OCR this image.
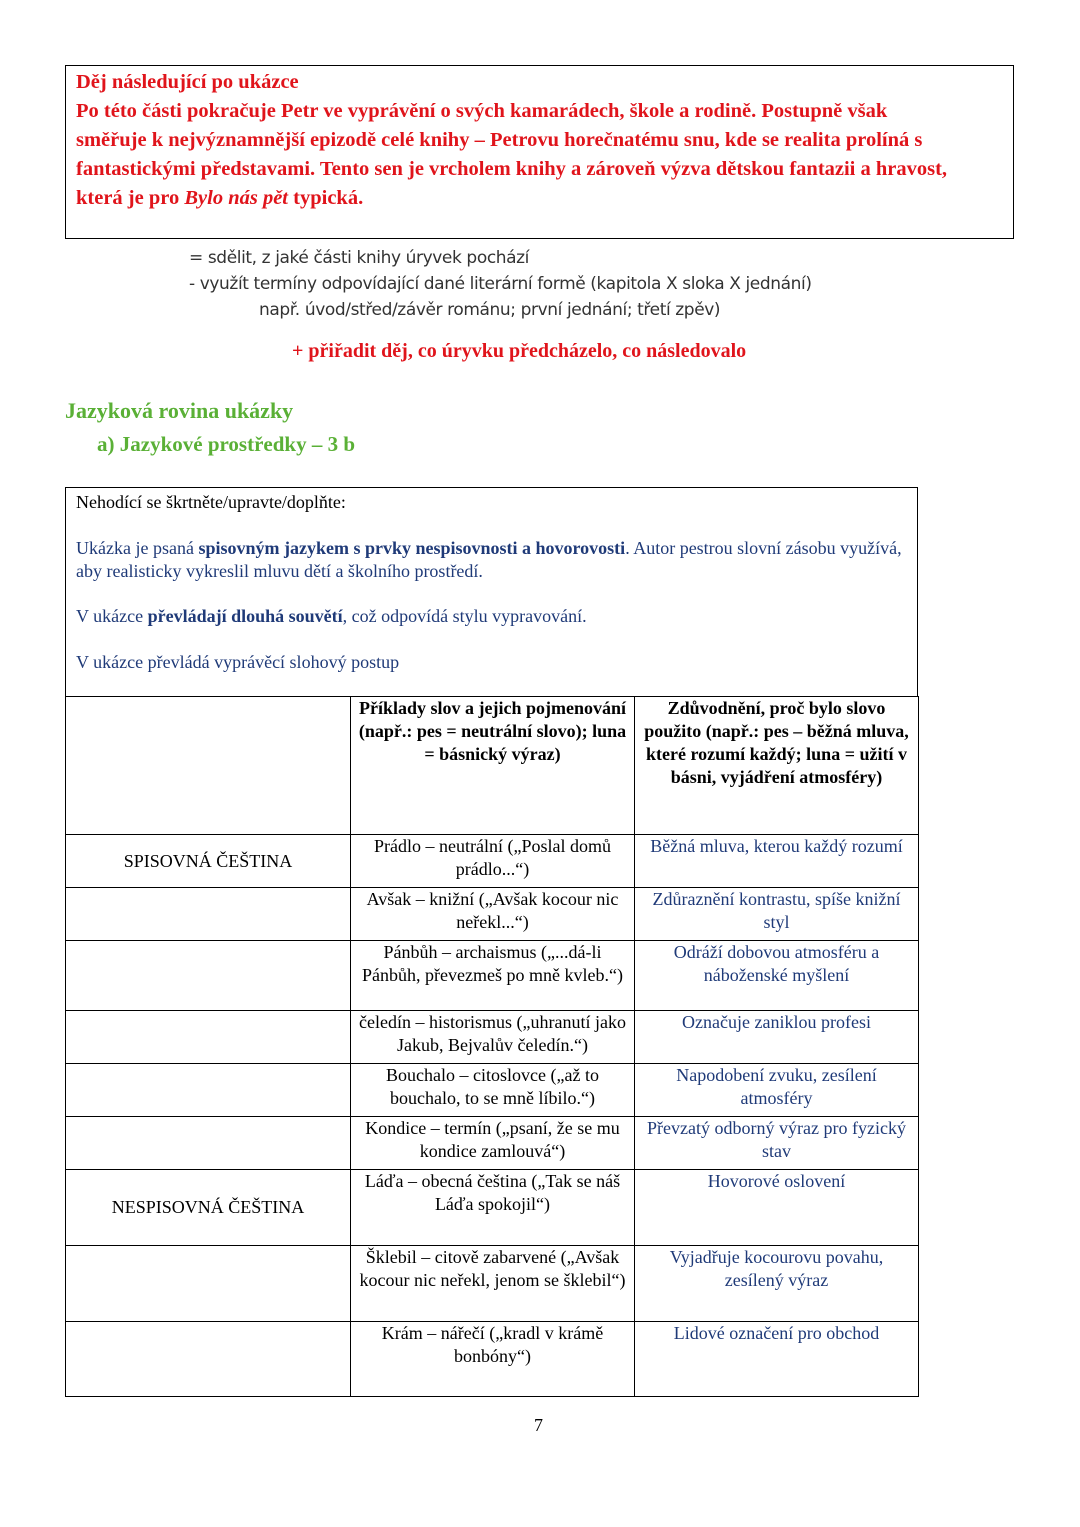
Děj následující po ukázce
Po této části pokračuje Petr ve vyprávění o svých kamarádech, škole a rodině. Postupně však
směřuje k nejvýznamnější epizodě celé knihy – Petrovu horečnatému snu, kde se realita prolíná s
fantastickými představami. Tento sen je vrcholem knihy a zároveň výzva dětskou fantazii a hravost,
která je pro Bylo nás pět typická.
= sdělit, z jaké části knihy úryvek pochází
- využít termíny odpovídající dané literární formě (kapitola X sloka X jednání)
např. úvod/střed/závěr románu; první jednání; třetí zpěv)
+ přiřadit děj, co úryvku předcházelo, co následovalo
Jazyková rovina ukázky
a) Jazykové prostředky – 3 b

Nehodící se škrtněte/upravte/doplňte:

Ukázka je psaná spisovným jazykem s prvky nespisovnosti a hovorovosti. Autor pestrou slovní zásobu využívá, aby realisticky vykreslil mluvu dětí a školního prostředí.

V ukázce převládají dlouhá souvětí, což odpovídá stylu vypravování.

V ukázce převládá vyprávěcí slohový postup

	Příklady slov a jejich pojmenování (např.: pes = neutrální slovo); luna = básnický výraz)	Zdůvodnění, proč bylo slovo použito (např.: pes – běžná mluva, které rozumí každý; luna = užití v básni, vyjádření atmosféry)
SPISOVNÁ ČEŠTINA	Prádlo – neutrální („Poslal domů prádlo...“)	Běžná mluva, kterou každý rozumí
	Avšak – knižní („Avšak kocour nic neřekl...“)	Zdůraznění kontrastu, spíše knižní styl
	Pánbůh – archaismus („...dá-li Pánbůh, převezmeš po mně kvleb.“)	Odráží dobovou atmosféru a náboženské myšlení
	čeledín – historismus („uhranutí jako Jakub, Bejvalův čeledín.“)	Označuje zaniklou profesi
	Bouchalo – citoslovce („až to bouchalo, to se mně líbilo.“)	Napodobení zvuku, zesílení atmosféry
	Kondice – termín („psaní, že se mu kondice zamlouvá“)	Převzatý odborný výraz pro fyzický stav
NESPISOVNÁ ČEŠTINA	Láďa – obecná čeština („Tak se náš Láďa spokojil“)	Hovorové oslovení
	Šklebil – citově zabarvené („Avšak kocour nic neřekl, jenom se šklebil“)	Vyjadřuje kocourovu povahu, zesílený výraz
	Krám – nářečí („kradl v krámě bonbóny“)	Lidové označení pro obchod
7
